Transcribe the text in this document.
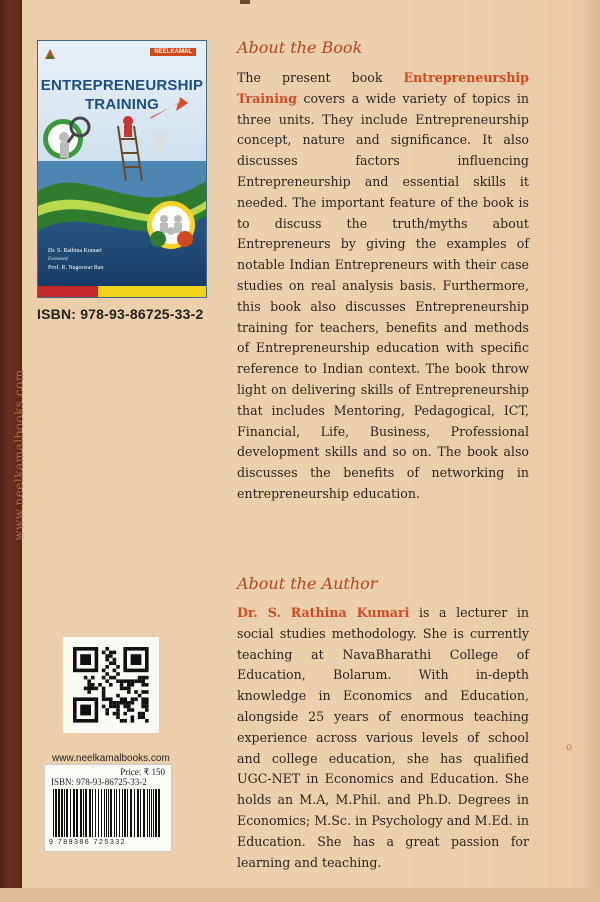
www.neelkamalbooks.com
NEELKAMAL
ENTREPRENEURSHIP
TRAINING
Dr. S. Rathina Kumari
Foreword
Prof. R. Nageswar Rao
ISBN: 978-93-86725-33-2
About the Book
The present book Entrepreneurship Training covers a wide variety of topics in three units. They include Entrepreneurship concept, nature and significance. It also discusses factors influencing Entrepreneurship and essential skills it needed. The important feature of the book is to discuss the truth/myths about Entrepreneurs by giving the examples of notable Indian Entrepreneurs with their case studies on real analysis basis. Furthermore, this book also discusses Entrepreneurship training for teachers, benefits and methods of Entrepreneurship education with specific reference to Indian context. The book throw light on delivering skills of Entrepreneurship that includes Mentoring, Pedagogical, ICT, Financial, Life, Business, Professional development skills and so on. The book also discusses the benefits of networking in entrepreneurship education.
About the Author
Dr. S. Rathina Kumari is a lecturer in social studies methodology. She is currently teaching at NavaBharathi College of Education, Bolarum. With in-depth knowledge in Economics and Education, alongside 25 years of enormous teaching experience across various levels of school and college education, she has qualified UGC-NET in Economics and Education. She holds an M.A, M.Phil. and Ph.D. Degrees in Economics; M.Sc. in Psychology and M.Ed. in Education. She has a great passion for learning and teaching.
www.neelkamalbooks.com
Price: ₹ 150
ISBN: 978-93-86725-33-2
9 789386 725332
o
